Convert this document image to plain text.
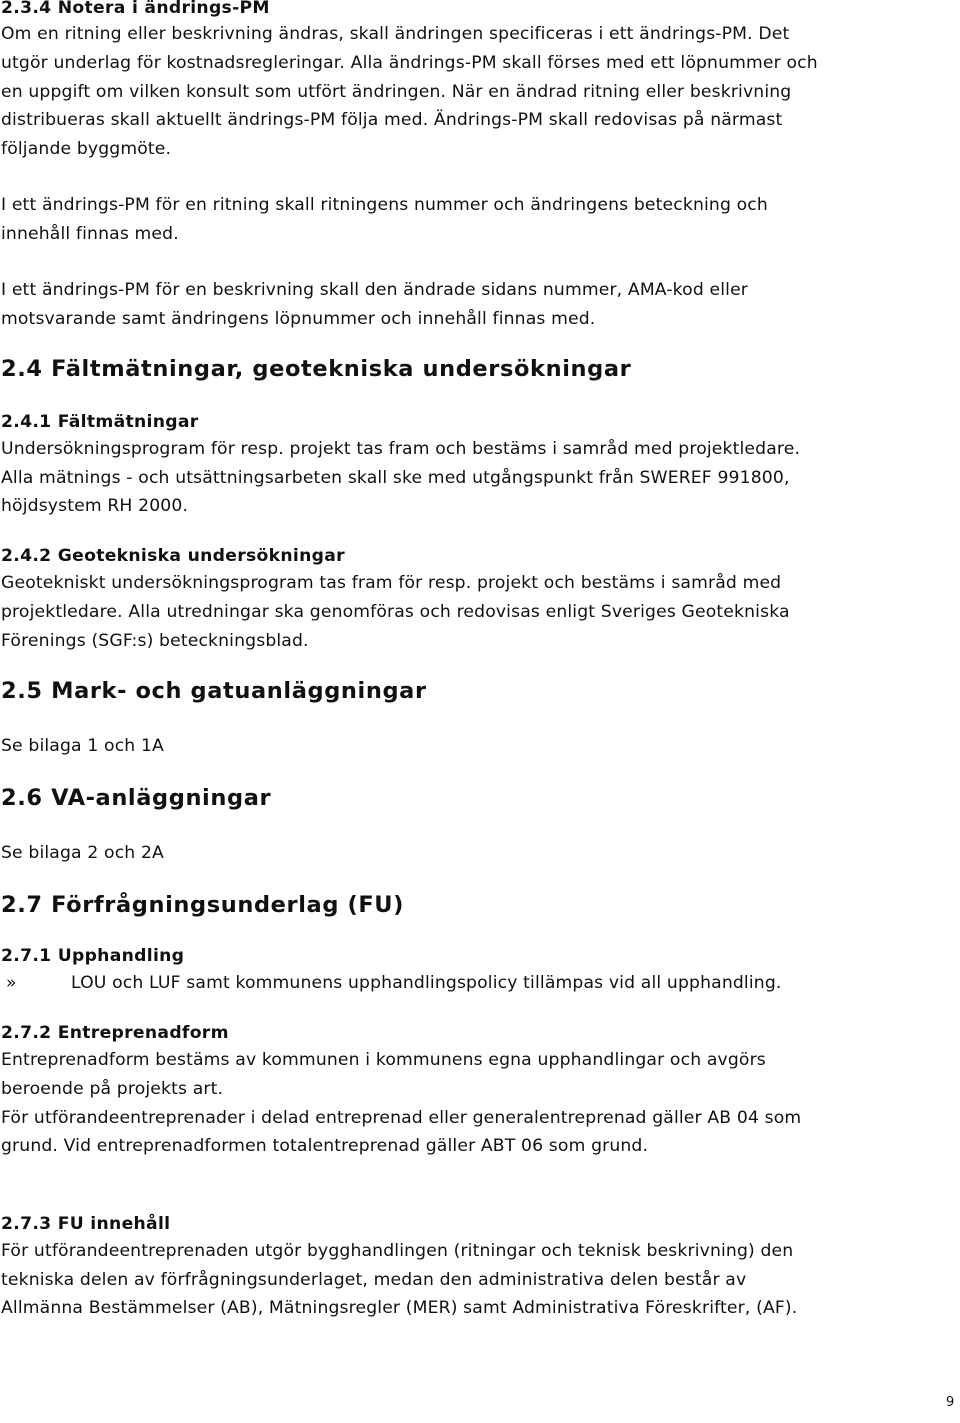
2.3.4 Notera i ändrings-PM
Om en ritning eller beskrivning ändras, skall ändringen specificeras i ett ändrings-PM. Det
utgör underlag för kostnadsregleringar. Alla ändrings-PM skall förses med ett löpnummer och
en uppgift om vilken konsult som utfört ändringen. När en ändrad ritning eller beskrivning
distribueras skall aktuellt ändrings-PM följa med. Ändrings-PM skall redovisas på närmast
följande byggmöte.
I ett ändrings-PM för en ritning skall ritningens nummer och ändringens beteckning och
innehåll finnas med.
I ett ändrings-PM för en beskrivning skall den ändrade sidans nummer, AMA-kod eller
motsvarande samt ändringens löpnummer och innehåll finnas med.
2.4 Fältmätningar, geotekniska undersökningar
2.4.1 Fältmätningar
Undersökningsprogram för resp. projekt tas fram och bestäms i samråd med projektledare.
Alla mätnings - och utsättningsarbeten skall ske med utgångspunkt från SWEREF 991800,
höjdsystem RH 2000.
2.4.2 Geotekniska undersökningar
Geotekniskt undersökningsprogram tas fram för resp. projekt och bestäms i samråd med
projektledare. Alla utredningar ska genomföras och redovisas enligt Sveriges Geotekniska
Förenings (SGF:s) beteckningsblad.
2.5 Mark- och gatuanläggningar
Se bilaga 1 och 1A
2.6 VA-anläggningar
Se bilaga 2 och 2A
2.7 Förfrågningsunderlag (FU)
2.7.1 Upphandling
»	LOU och LUF samt kommunens upphandlingspolicy tillämpas vid all upphandling.
2.7.2 Entreprenadform
Entreprenadform bestäms av kommunen i kommunens egna upphandlingar och avgörs
beroende på projekts art.
För utförandeentreprenader i delad entreprenad eller generalentreprenad gäller AB 04 som
grund. Vid entreprenadformen totalentreprenad gäller ABT 06 som grund.
2.7.3 FU innehåll
För utförandeentreprenaden utgör bygghandlingen (ritningar och teknisk beskrivning) den
tekniska delen av förfrågningsunderlaget, medan den administrativa delen består av
Allmänna Bestämmelser (AB), Mätningsregler (MER) samt Administrativa Föreskrifter, (AF).
9
